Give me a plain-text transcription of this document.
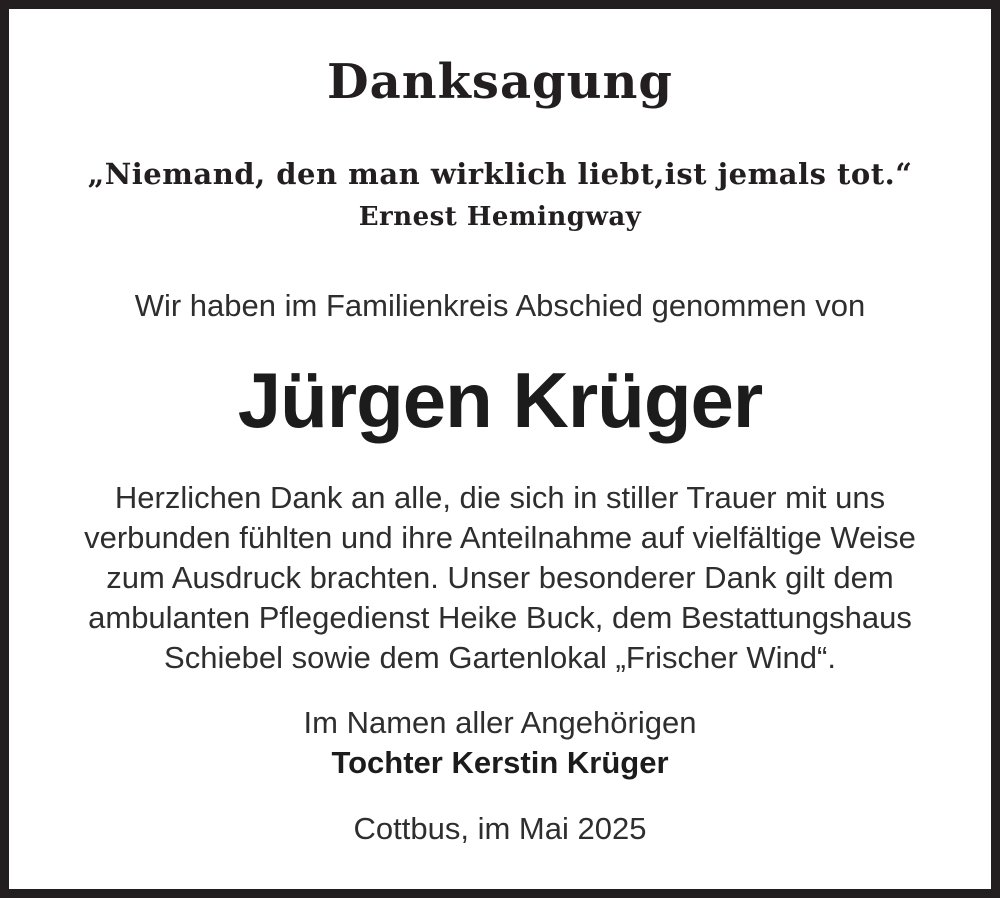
Danksagung

„Niemand, den man wirklich liebt,ist jemals tot.“

Ernest Hemingway

Wir haben im Familienkreis Abschied genommen von

Jürgen Krüger
Herzlichen Dank an alle, die sich in stiller Trauer mit uns
verbunden fühlten und ihre Anteilnahme auf vielfältige Weise
zum Ausdruck brachten. Unser besonderer Dank gilt dem
ambulanten Pflegedienst Heike Buck, dem Bestattungshaus
Schiebel sowie dem Gartenlokal „Frischer Wind“.
Im Namen aller Angehörigen
Tochter Kerstin Krüger

Cottbus, im Mai 2025
